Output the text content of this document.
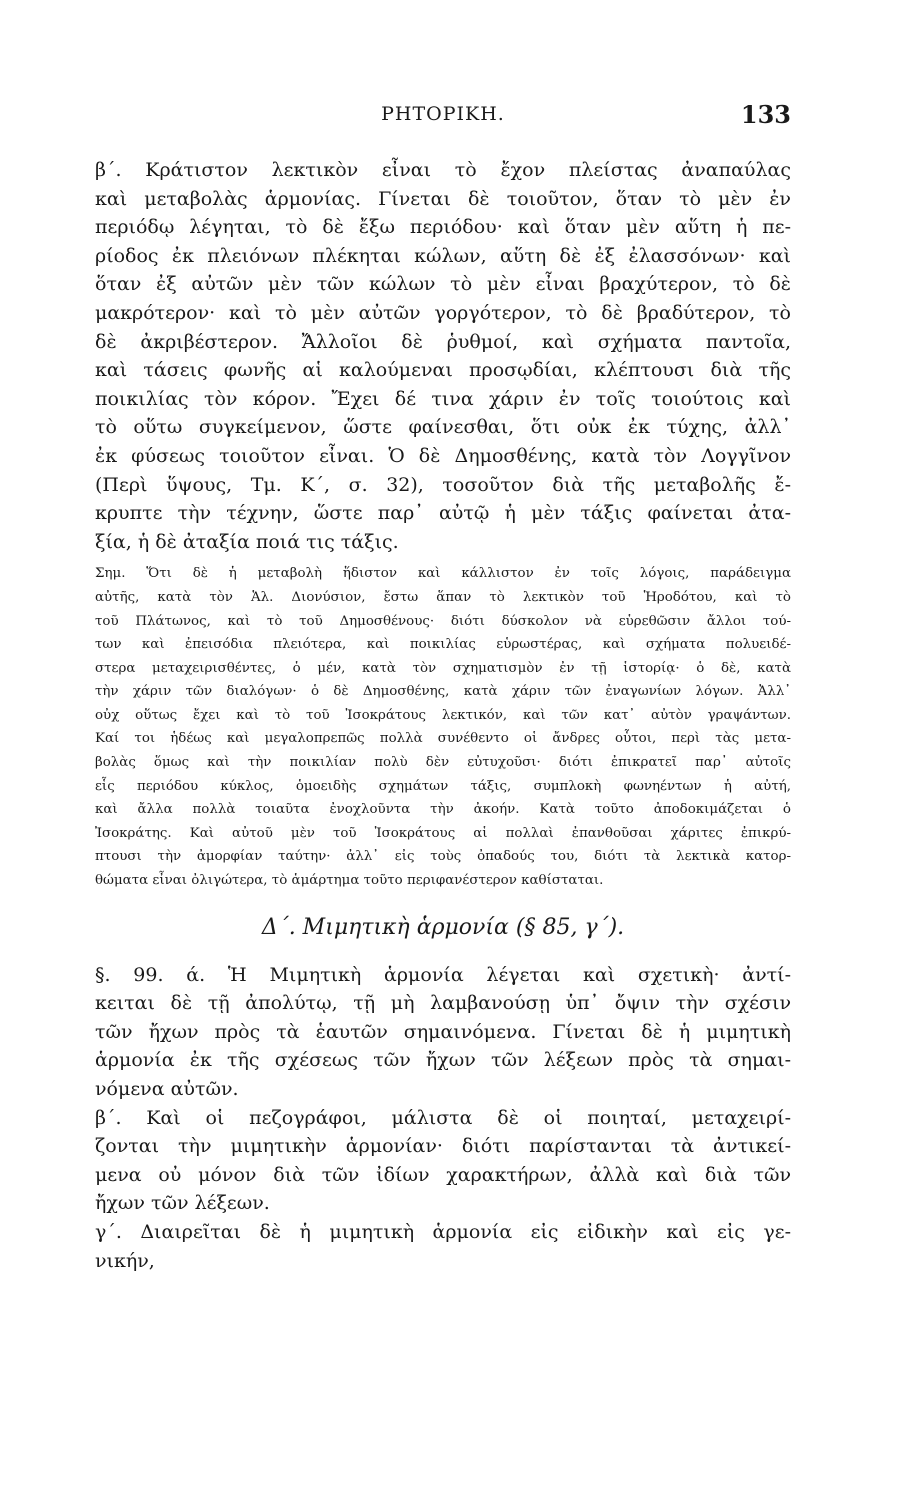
ΡΗΤΟΡΙΚΗ.	133
β΄. Κράτιστον λεκτικὸν εἶναι τὸ ἔχον πλείστας ἀναπαύλας
καὶ μεταβολὰς ἁρμονίας. Γίνεται δὲ τοιοῦτον, ὅταν τὸ μὲν ἐν
περιόδῳ λέγηται, τὸ δὲ ἔξω περιόδου· καὶ ὅταν μὲν αὕτη ἡ πε-
ρίοδος ἐκ πλειόνων πλέκηται κώλων, αὕτη δὲ ἐξ ἐλασσόνων· καὶ
ὅταν ἐξ αὐτῶν μὲν τῶν κώλων τὸ μὲν εἶναι βραχύτερον, τὸ δὲ
μακρότερον· καὶ τὸ μὲν αὐτῶν γοργότερον, τὸ δὲ βραδύτερον, τὸ
δὲ ἀκριβέστερον. Ἄλλοῖοι δὲ ῥυθμοί, καὶ σχήματα παντοῖα,
καὶ τάσεις φωνῆς αἱ καλούμεναι προσῳδίαι, κλέπτουσι διὰ τῆς
ποικιλίας τὸν κόρον. Ἔχει δέ τινα χάριν ἐν τοῖς τοιούτοις καὶ
τὸ οὕτω συγκείμενον, ὥστε φαίνεσθαι, ὅτι οὐκ ἐκ τύχης, ἀλλ᾽
ἐκ φύσεως τοιοῦτον εἶναι. Ὁ δὲ Δημοσθένης, κατὰ τὸν Λογγῖνον
(Περὶ ὕψους, Τμ. Κ΄, σ. 32), τοσοῦτον διὰ τῆς μεταβολῆς ἔ-
κρυπτε τὴν τέχνην, ὥστε παρ᾽ αὐτῷ ἡ μὲν τάξις φαίνεται ἀτα-
ξία, ἡ δὲ ἀταξία ποιά τις τάξις.
Σημ. Ὅτι δὲ ἡ μεταβολὴ ἥδιστον καὶ κάλλιστον ἐν τοῖς λόγοις, παράδειγμα
αὐτῆς, κατὰ τὸν Ἁλ. Διονύσιον, ἔστω ἅπαν τὸ λεκτικὸν τοῦ Ἡροδότου, καὶ τὸ
τοῦ Πλάτωνος, καὶ τὸ τοῦ Δημοσθένους· διότι δύσκολον νὰ εὑρεθῶσιν ἄλλοι τού-
των καὶ ἐπεισόδια πλειότερα, καὶ ποικιλίας εὑρωστέρας, καὶ σχήματα πολυειδέ-
στερα μεταχειρισθέντες, ὁ μέν, κατὰ τὸν σχηματισμὸν ἐν τῇ ἱστορίᾳ· ὁ δὲ, κατὰ
τὴν χάριν τῶν διαλόγων· ὁ δὲ Δημοσθένης, κατὰ χάριν τῶν ἐναγωνίων λόγων. Ἀλλ᾽
οὐχ οὕτως ἔχει καὶ τὸ τοῦ Ἰσοκράτους λεκτικόν, καὶ τῶν κατ᾽ αὐτὸν γραψάντων.
Καί τοι ἡδέως καὶ μεγαλοπρεπῶς πολλὰ συνέθεντο οἱ ἄνδρες οὗτοι, περὶ τὰς μετα-
βολὰς ὅμως καὶ τὴν ποικιλίαν πολὺ δὲν εὐτυχοῦσι· διότι ἐπικρατεῖ παρ᾽ αὐτοῖς
εἷς περιόδου κύκλος, ὁμοειδὴς σχημάτων τάξις, συμπλοκὴ φωνηέντων ἡ αὐτή,
καὶ ἄλλα πολλὰ τοιαῦτα ἐνοχλοῦντα τὴν ἀκοήν. Κατὰ τοῦτο ἀποδοκιμάζεται ὁ
Ἰσοκράτης. Καὶ αὐτοῦ μὲν τοῦ Ἰσοκράτους αἱ πολλαὶ ἐπανθοῦσαι χάριτες ἐπικρύ-
πτουσι τὴν ἀμορφίαν ταύτην· ἀλλ᾽ εἰς τοὺς ὀπαδούς του, διότι τὰ λεκτικὰ κατορ-
θώματα εἶναι ὀλιγώτερα, τὸ ἁμάρτημα τοῦτο περιφανέστερον καθίσταται.
Δ΄. Μιμητικὴ ἁρμονία (§ 85, γ΄).
§. 99. ά. Ἡ Μιμητικὴ ἁρμονία λέγεται καὶ σχετικὴ· ἀντί-
κειται δὲ τῇ ἀπολύτῳ, τῇ μὴ λαμβανούσῃ ὑπ᾽ ὄψιν τὴν σχέσιν
τῶν ἤχων πρὸς τὰ ἑαυτῶν σημαινόμενα. Γίνεται δὲ ἡ μιμητικὴ
ἁρμονία ἐκ τῆς σχέσεως τῶν ἤχων τῶν λέξεων πρὸς τὰ σημαι-
νόμενα αὐτῶν.
β΄. Καὶ οἱ πεζογράφοι, μάλιστα δὲ οἱ ποιηταί, μεταχειρί-
ζονται τὴν μιμητικὴν ἁρμονίαν· διότι παρίστανται τὰ ἀντικεί-
μενα οὐ μόνον διὰ τῶν ἰδίων χαρακτήρων, ἀλλὰ καὶ διὰ τῶν
ἤχων τῶν λέξεων.
γ΄. Διαιρεῖται δὲ ἡ μιμητικὴ ἁρμονία εἰς εἰδικὴν καὶ εἰς γε-
νικήν,
